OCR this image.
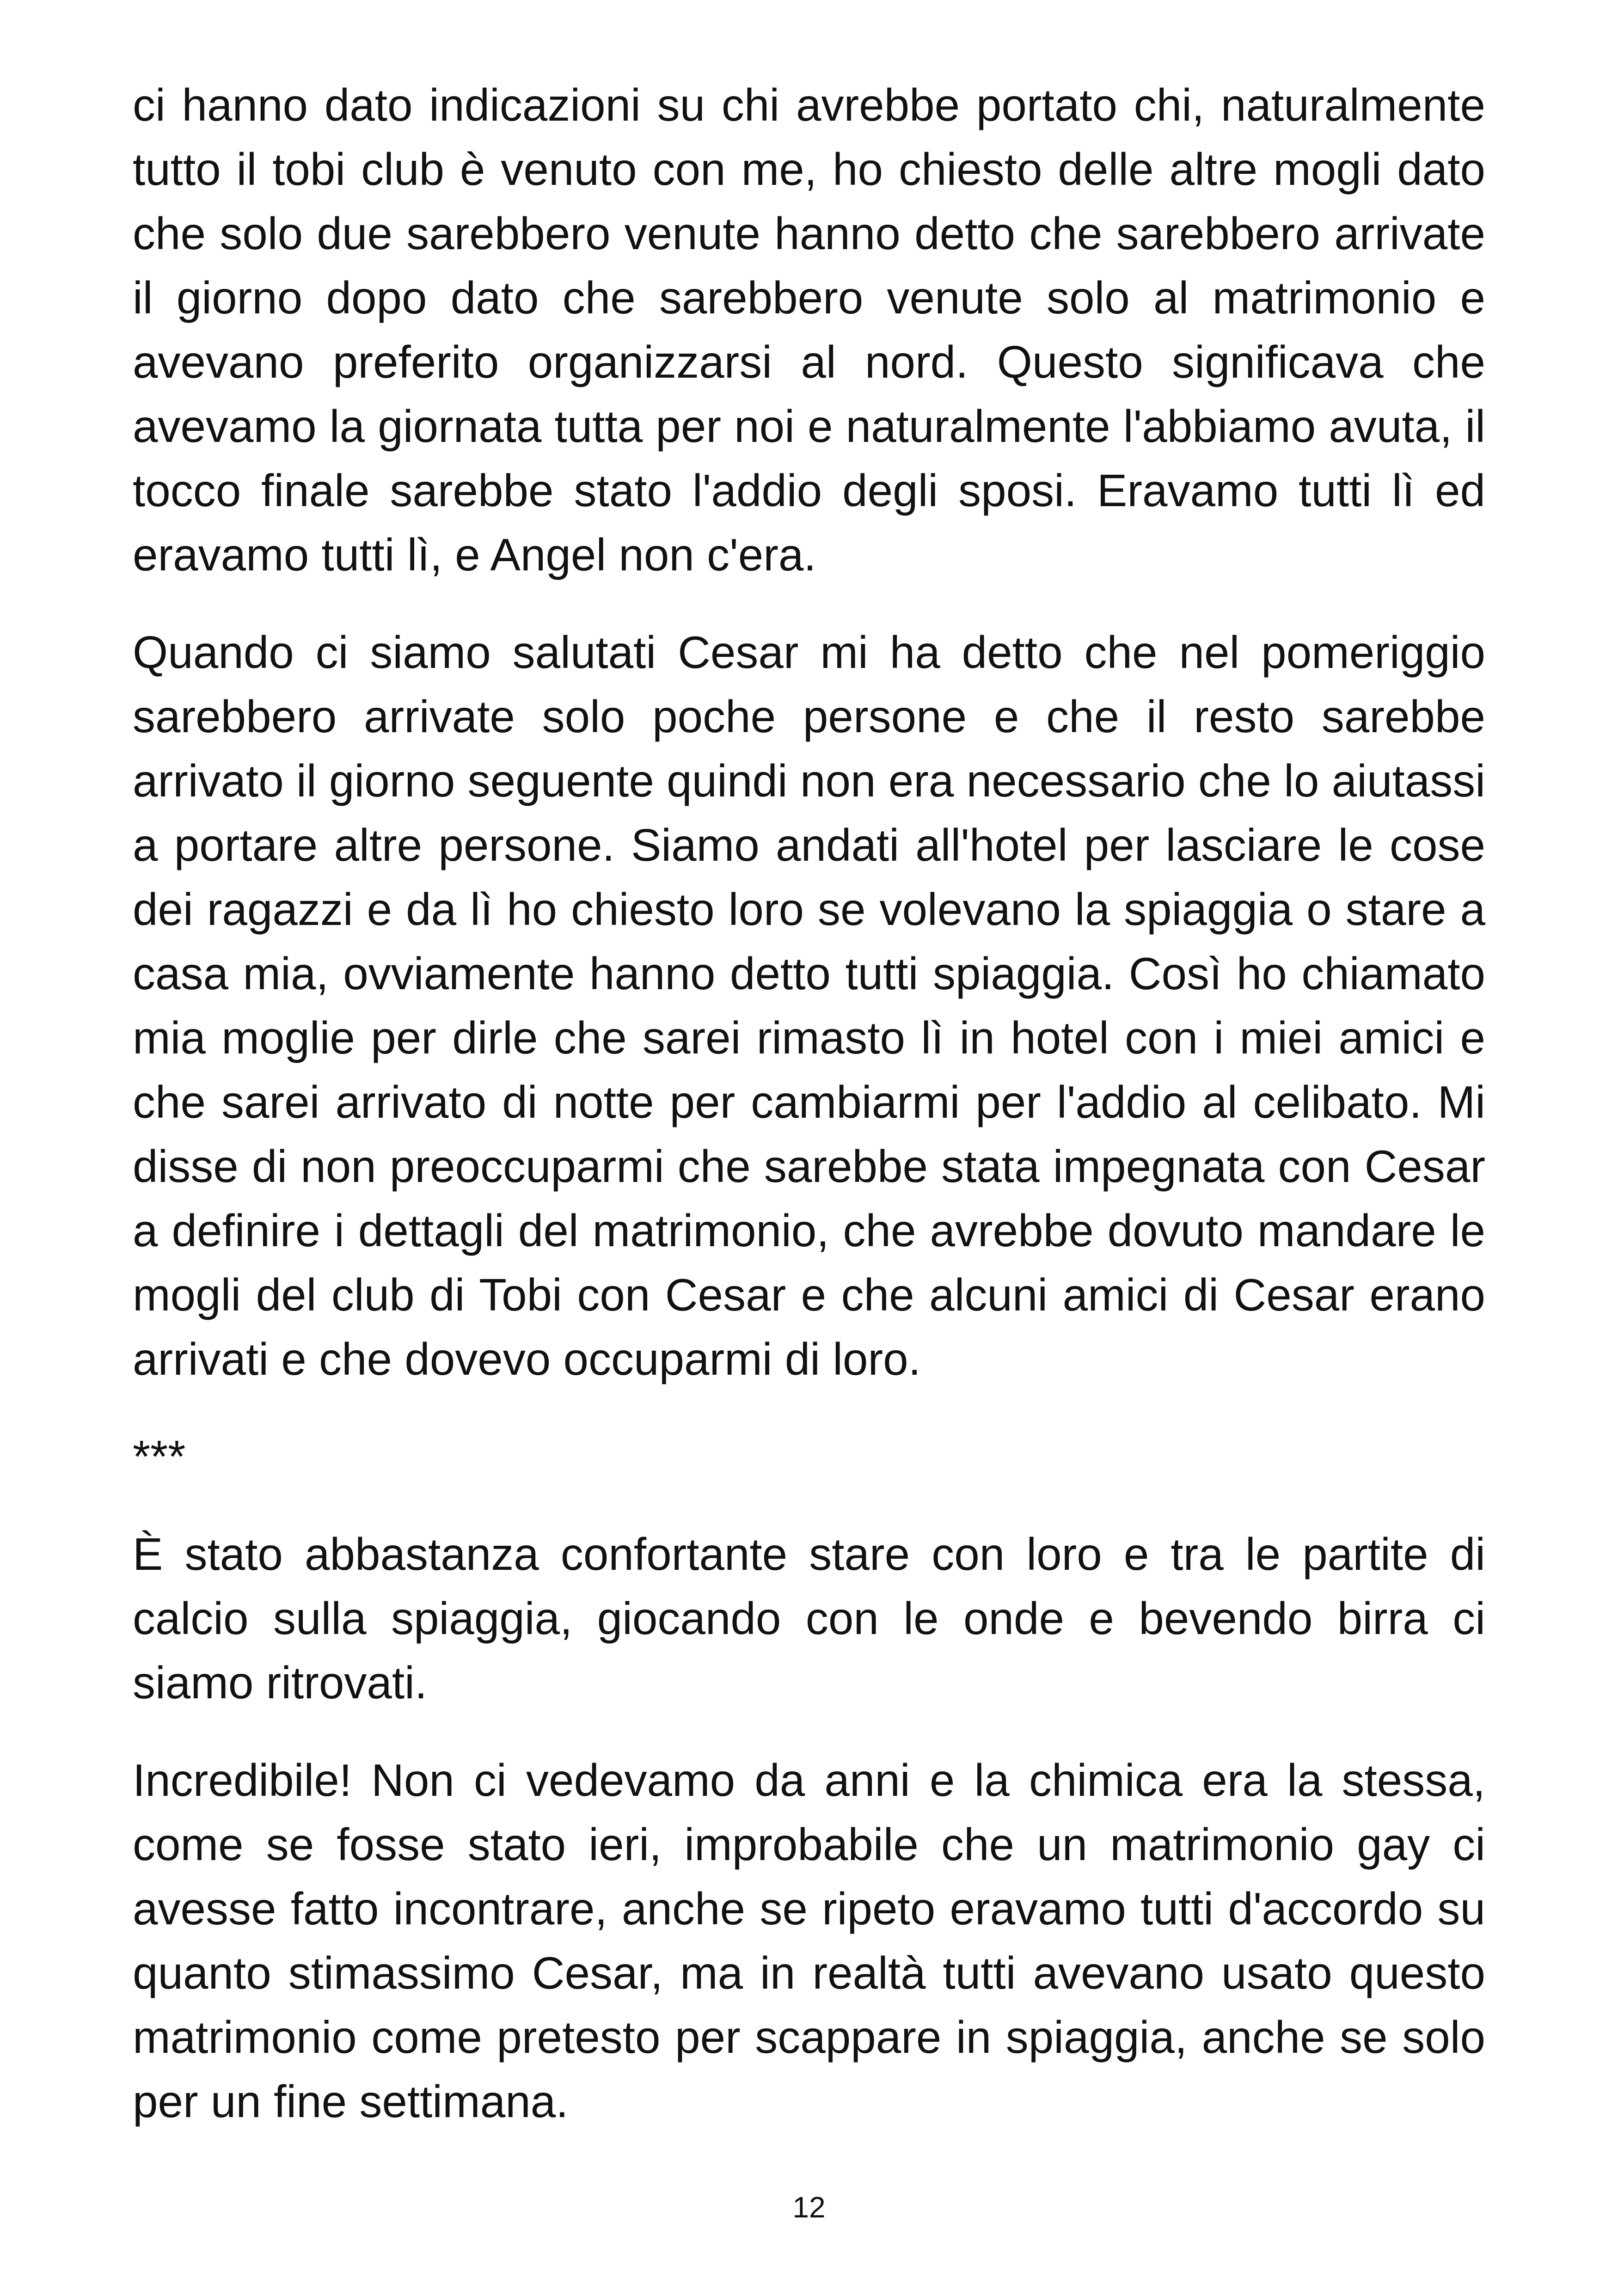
ci hanno dato indicazioni su chi avrebbe portato chi, naturalmente tutto il tobi club è venuto con me, ho chiesto delle altre mogli dato che solo due sarebbero venute hanno detto che sarebbero arrivate il giorno dopo dato che sarebbero venute solo al matrimonio e avevano preferito organizzarsi al nord. Questo significava che avevamo la giornata tutta per noi e naturalmente l'abbiamo avuta, il tocco finale sarebbe stato l'addio degli sposi. Eravamo tutti lì ed eravamo tutti lì, e Angel non c'era.

Quando ci siamo salutati Cesar mi ha detto che nel pomeriggio sarebbero arrivate solo poche persone e che il resto sarebbe arrivato il giorno seguente quindi non era necessario che lo aiutassi a portare altre persone. Siamo andati all'hotel per lasciare le cose dei ragazzi e da lì ho chiesto loro se volevano la spiaggia o stare a casa mia, ovviamente hanno detto tutti spiaggia. Così ho chiamato mia moglie per dirle che sarei rimasto lì in hotel con i miei amici e che sarei arrivato di notte per cambiarmi per l'addio al celibato. Mi disse di non preoccuparmi che sarebbe stata impegnata con Cesar a definire i dettagli del matrimonio, che avrebbe dovuto mandare le mogli del club di Tobi con Cesar e che alcuni amici di Cesar erano arrivati e che dovevo occuparmi di loro.

***

È stato abbastanza confortante stare con loro e tra le partite di calcio sulla spiaggia, giocando con le onde e bevendo birra ci siamo ritrovati.

Incredibile! Non ci vedevamo da anni e la chimica era la stessa, come se fosse stato ieri, improbabile che un matrimonio gay ci avesse fatto incontrare, anche se ripeto eravamo tutti d'accordo su quanto stimassimo Cesar, ma in realtà tutti avevano usato questo matrimonio come pretesto per scappare in spiaggia, anche se solo per un fine settimana.

12
